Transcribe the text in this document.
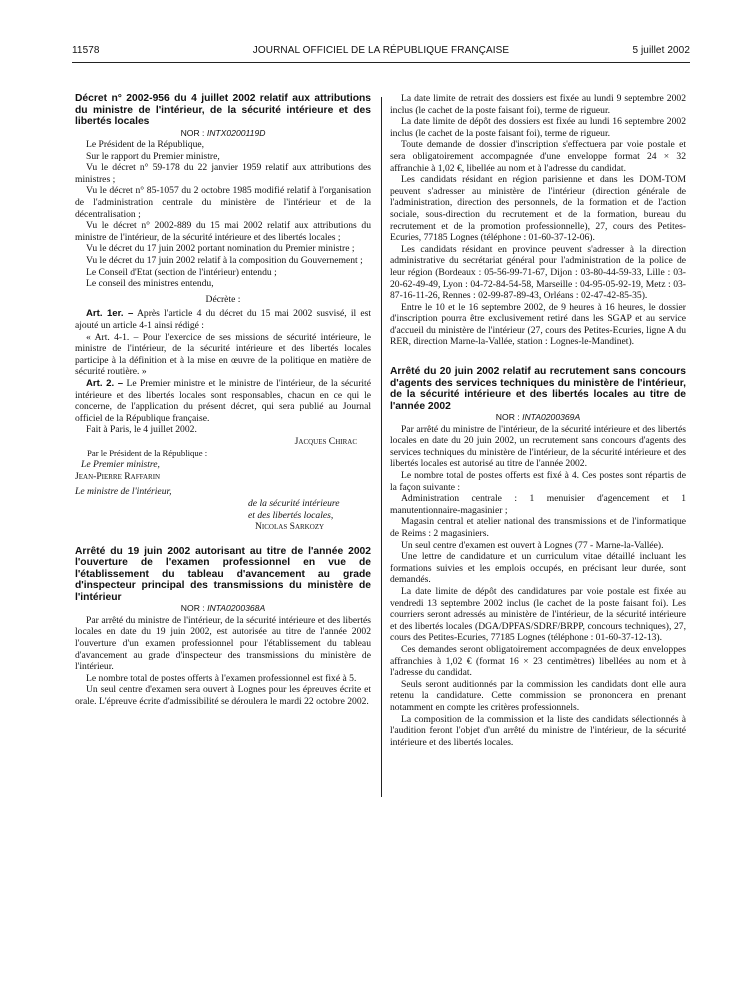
11578	JOURNAL OFFICIEL DE LA RÉPUBLIQUE FRANÇAISE	5 juillet 2002

Décret n° 2002-956 du 4 juillet 2002 relatif aux attributions du ministre de l'intérieur, de la sécurité intérieure et des libertés locales

NOR : INTX0200119D

Le Président de la République,

Sur le rapport du Premier ministre,

Vu le décret n° 59-178 du 22 janvier 1959 relatif aux attributions des ministres ;

Vu le décret n° 85-1057 du 2 octobre 1985 modifié relatif à l'organisation de l'administration centrale du ministère de l'intérieur et de la décentralisation ;

Vu le décret n° 2002-889 du 15 mai 2002 relatif aux attributions du ministre de l'intérieur, de la sécurité intérieure et des libertés locales ;

Vu le décret du 17 juin 2002 portant nomination du Premier ministre ;

Vu le décret du 17 juin 2002 relatif à la composition du Gouvernement ;

Le Conseil d'Etat (section de l'intérieur) entendu ;

Le conseil des ministres entendu,

Décrète :

Art. 1er. – Après l'article 4 du décret du 15 mai 2002 susvisé, il est ajouté un article 4-1 ainsi rédigé :

« Art. 4-1. – Pour l'exercice de ses missions de sécurité intérieure, le ministre de l'intérieur, de la sécurité intérieure et des libertés locales participe à la définition et à la mise en œuvre de la politique en matière de sécurité routière. »

Art. 2. – Le Premier ministre et le ministre de l'intérieur, de la sécurité intérieure et des libertés locales sont responsables, chacun en ce qui le concerne, de l'application du présent décret, qui sera publié au Journal officiel de la République française.

Fait à Paris, le 4 juillet 2002.

Jacques Chirac

Par le Président de la République :

Le Premier ministre,

Jean-Pierre Raffarin

Le ministre de l'intérieur,

de la sécurité intérieure

et des libertés locales,

Nicolas Sarkozy

Arrêté du 19 juin 2002 autorisant au titre de l'année 2002 l'ouverture de l'examen professionnel en vue de l'établissement du tableau d'avancement au grade d'inspecteur principal des transmissions du ministère de l'intérieur

NOR : INTA0200368A

Par arrêté du ministre de l'intérieur, de la sécurité intérieure et des libertés locales en date du 19 juin 2002, est autorisée au titre de l'année 2002 l'ouverture d'un examen professionnel pour l'établissement du tableau d'avancement au grade d'inspecteur des transmissions du ministère de l'intérieur.

Le nombre total de postes offerts à l'examen professionnel est fixé à 5.

Un seul centre d'examen sera ouvert à Lognes pour les épreuves écrite et orale. L'épreuve écrite d'admissibilité se déroulera le mardi 22 octobre 2002.

La date limite de retrait des dossiers est fixée au lundi 9 septembre 2002 inclus (le cachet de la poste faisant foi), terme de rigueur.

La date limite de dépôt des dossiers est fixée au lundi 16 septembre 2002 inclus (le cachet de la poste faisant foi), terme de rigueur.

Toute demande de dossier d'inscription s'effectuera par voie postale et sera obligatoirement accompagnée d'une enveloppe format 24 × 32 affranchie à 1,02 €, libellée au nom et à l'adresse du candidat.

Les candidats résidant en région parisienne et dans les DOM-TOM peuvent s'adresser au ministère de l'intérieur (direction générale de l'administration, direction des personnels, de la formation et de l'action sociale, sous-direction du recrutement et de la formation, bureau du recrutement et de la promotion professionnelle), 27, cours des Petites-Ecuries, 77185 Lognes (téléphone : 01-60-37-12-06).

Les candidats résidant en province peuvent s'adresser à la direction administrative du secrétariat général pour l'administration de la police de leur région (Bordeaux : 05-56-99-71-67, Dijon : 03-80-44-59-33, Lille : 03-20-62-49-49, Lyon : 04-72-84-54-58, Marseille : 04-95-05-92-19, Metz : 03-87-16-11-26, Rennes : 02-99-87-89-43, Orléans : 02-47-42-85-35).

Entre le 10 et le 16 septembre 2002, de 9 heures à 16 heures, le dossier d'inscription pourra être exclusivement retiré dans les SGAP et au service d'accueil du ministère de l'intérieur (27, cours des Petites-Ecuries, ligne A du RER, direction Marne-la-Vallée, station : Lognes-le-Mandinet).

Arrêté du 20 juin 2002 relatif au recrutement sans concours d'agents des services techniques du ministère de l'intérieur, de la sécurité intérieure et des libertés locales au titre de l'année 2002

NOR : INTA0200369A

Par arrêté du ministre de l'intérieur, de la sécurité intérieure et des libertés locales en date du 20 juin 2002, un recrutement sans concours d'agents des services techniques du ministère de l'intérieur, de la sécurité intérieure et des libertés locales est autorisé au titre de l'année 2002.

Le nombre total de postes offerts est fixé à 4. Ces postes sont répartis de la façon suivante :

Administration centrale : 1 menuisier d'agencement et 1 manutentionnaire-magasinier ;

Magasin central et atelier national des transmissions et de l'informatique de Reims : 2 magasiniers.

Un seul centre d'examen est ouvert à Lognes (77 - Marne-la-Vallée).

Une lettre de candidature et un curriculum vitae détaillé incluant les formations suivies et les emplois occupés, en précisant leur durée, sont demandés.

La date limite de dépôt des candidatures par voie postale est fixée au vendredi 13 septembre 2002 inclus (le cachet de la poste faisant foi). Les courriers seront adressés au ministère de l'intérieur, de la sécurité intérieure et des libertés locales (DGA/DPFAS/SDRF/BRPP, concours techniques), 27, cours des Petites-Ecuries, 77185 Lognes (téléphone : 01-60-37-12-13).

Ces demandes seront obligatoirement accompagnées de deux enveloppes affranchies à 1,02 € (format 16 × 23 centimètres) libellées au nom et à l'adresse du candidat.

Seuls seront auditionnés par la commission les candidats dont elle aura retenu la candidature. Cette commission se prononcera en prenant notamment en compte les critères professionnels.

La composition de la commission et la liste des candidats sélectionnés à l'audition feront l'objet d'un arrêté du ministre de l'intérieur, de la sécurité intérieure et des libertés locales.
